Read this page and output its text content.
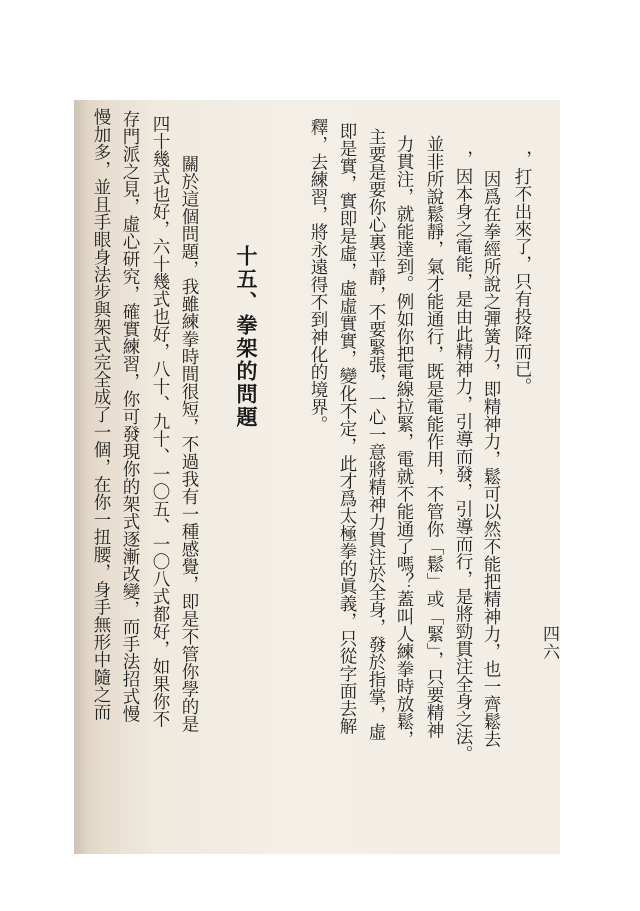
四六
，打不出來了，只有投降而已。
因爲在拳經所說之彈簧力，即精神力，鬆可以然不能把精神力，也一齊鬆去
，因本身之電能，是由此精神力，引導而發，引導而行，是將勁貫注全身之法。
並非所說鬆靜，氣才能通行，既是電能作用，不管你「鬆」或「緊」，只要精神
力貫注，就能達到。例如你把電線拉緊，電就不能通了嗎？蓋叫人練拳時放鬆，
主要是要你心裏平靜，不要緊張，一心一意將精神力貫注於全身，發於指掌，虛
即是實，實即是虛，虛虛實實，變化不定，此才爲太極拳的眞義，只從字面去解
釋，去練習，將永遠得不到神化的境界。
十五、拳架的問題
關於這個問題，我雖練拳時間很短，不過我有一種感覺，即是不管你學的是
四十幾式也好，六十幾式也好，八十、九十、一〇五、一〇八式都好，如果你不
存門派之見，虛心研究，確實練習，你可發現你的架式逐漸改變，而手法招式慢
慢加多，並且手眼身法步與架式完全成了一個，在你一扭腰，身手無形中隨之而
